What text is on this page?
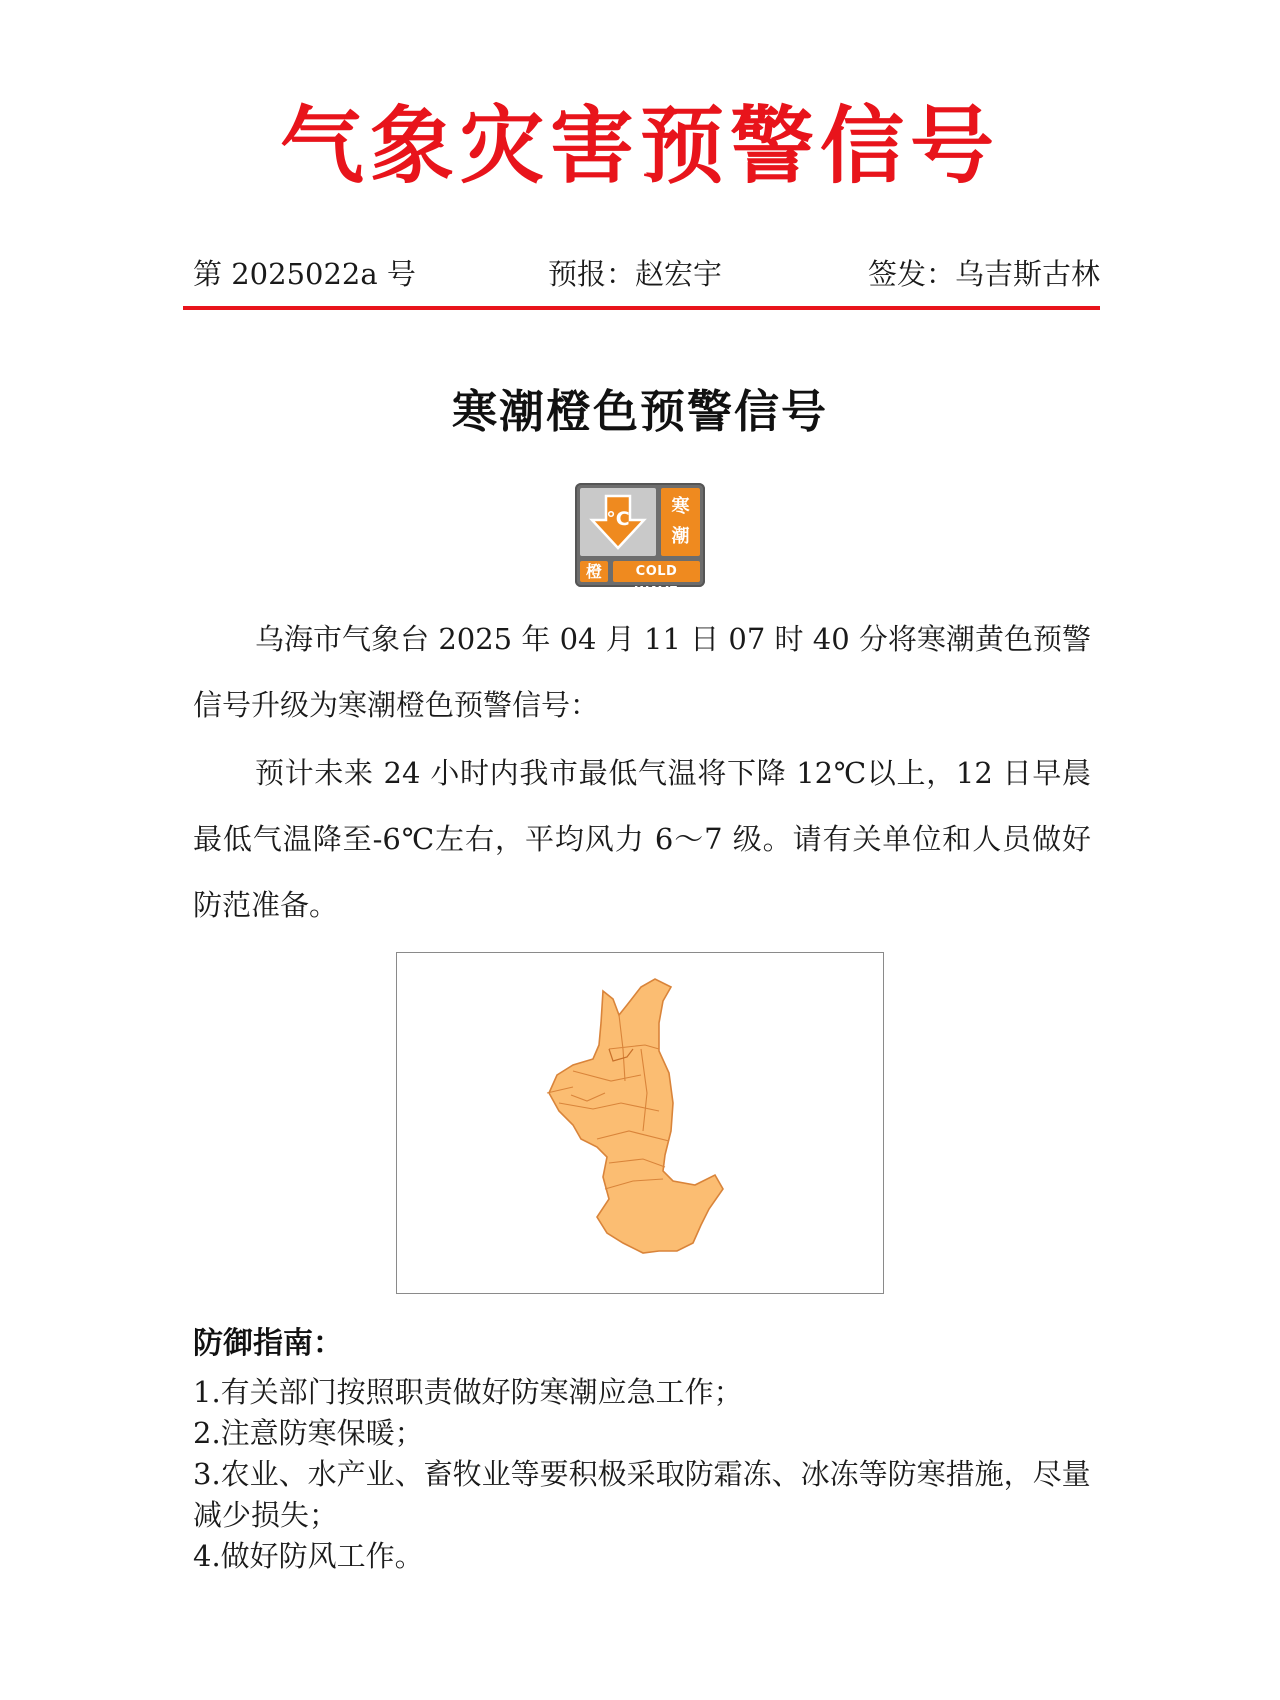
气象灾害预警信号
第 2025022a 号	预报：赵宏宇	签发：乌吉斯古林
寒潮橙色预警信号
°C
寒
潮
橙	COLD WAVE
乌海市气象台 2025 年 04 月 11 日 07 时 40 分将寒潮黄色预警信号升级为寒潮橙色预警信号：
预计未来 24 小时内我市最低气温将下降 12℃以上，12 日早晨最低气温降至-6℃左右，平均风力 6～7 级。请有关单位和人员做好防范准备。
防御指南：
1.有关部门按照职责做好防寒潮应急工作；
2.注意防寒保暖；
3.农业、水产业、畜牧业等要积极采取防霜冻、冰冻等防寒措施，尽量减少损失；
4.做好防风工作。
